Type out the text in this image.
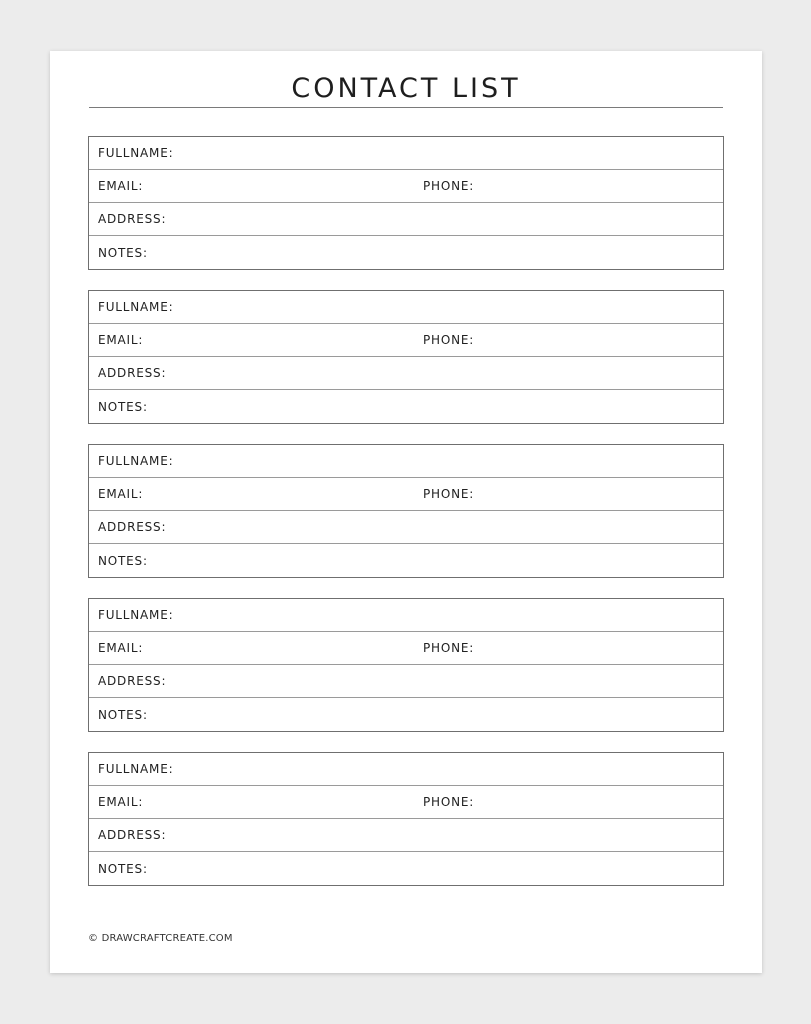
CONTACT LIST
FULLNAME:
EMAIL:	PHONE:
ADDRESS:
NOTES:
FULLNAME:
EMAIL:	PHONE:
ADDRESS:
NOTES:
FULLNAME:
EMAIL:	PHONE:
ADDRESS:
NOTES:
FULLNAME:
EMAIL:	PHONE:
ADDRESS:
NOTES:
FULLNAME:
EMAIL:	PHONE:
ADDRESS:
NOTES:
© DRAWCRAFTCREATE.COM
